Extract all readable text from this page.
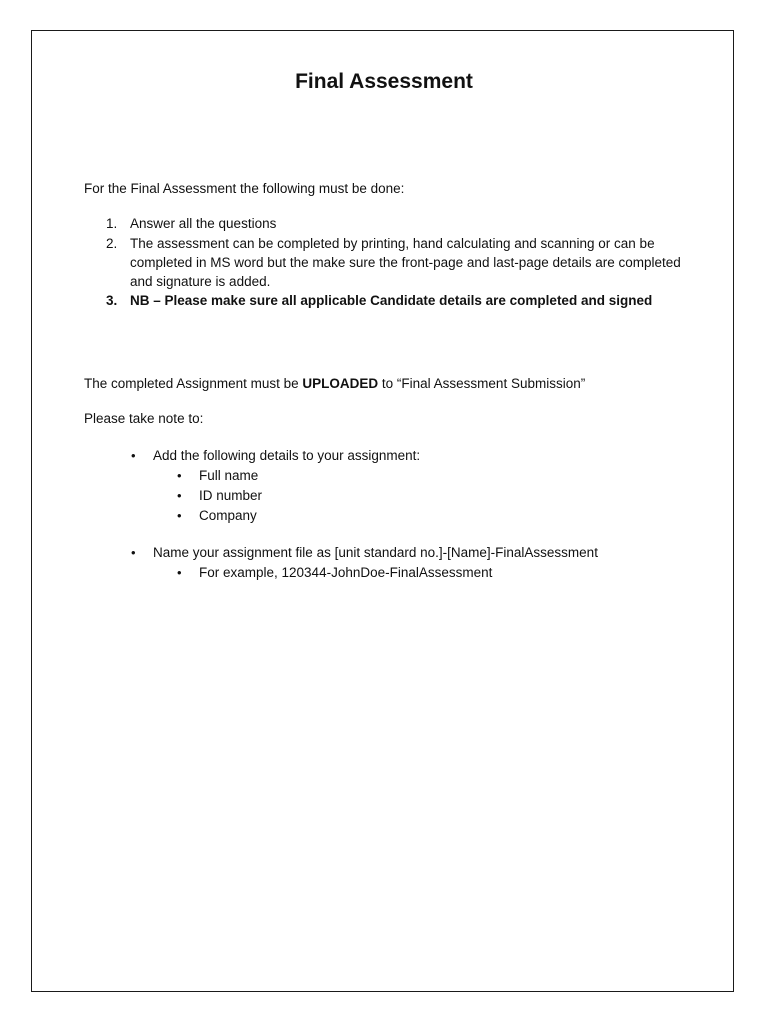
Final Assessment
For the Final Assessment the following must be done:
1. Answer all the questions
2. The assessment can be completed by printing, hand calculating and scanning or can be completed in MS word but the make sure the front-page and last-page details are completed and signature is added.
3. NB – Please make sure all applicable Candidate details are completed and signed
The completed Assignment must be UPLOADED to “Final Assessment Submission”
Please take note to:
• Add the following details to your assignment:
• Full name
• ID number
• Company
• Name your assignment file as [unit standard no.]-[Name]-FinalAssessment
• For example, 120344-JohnDoe-FinalAssessment
